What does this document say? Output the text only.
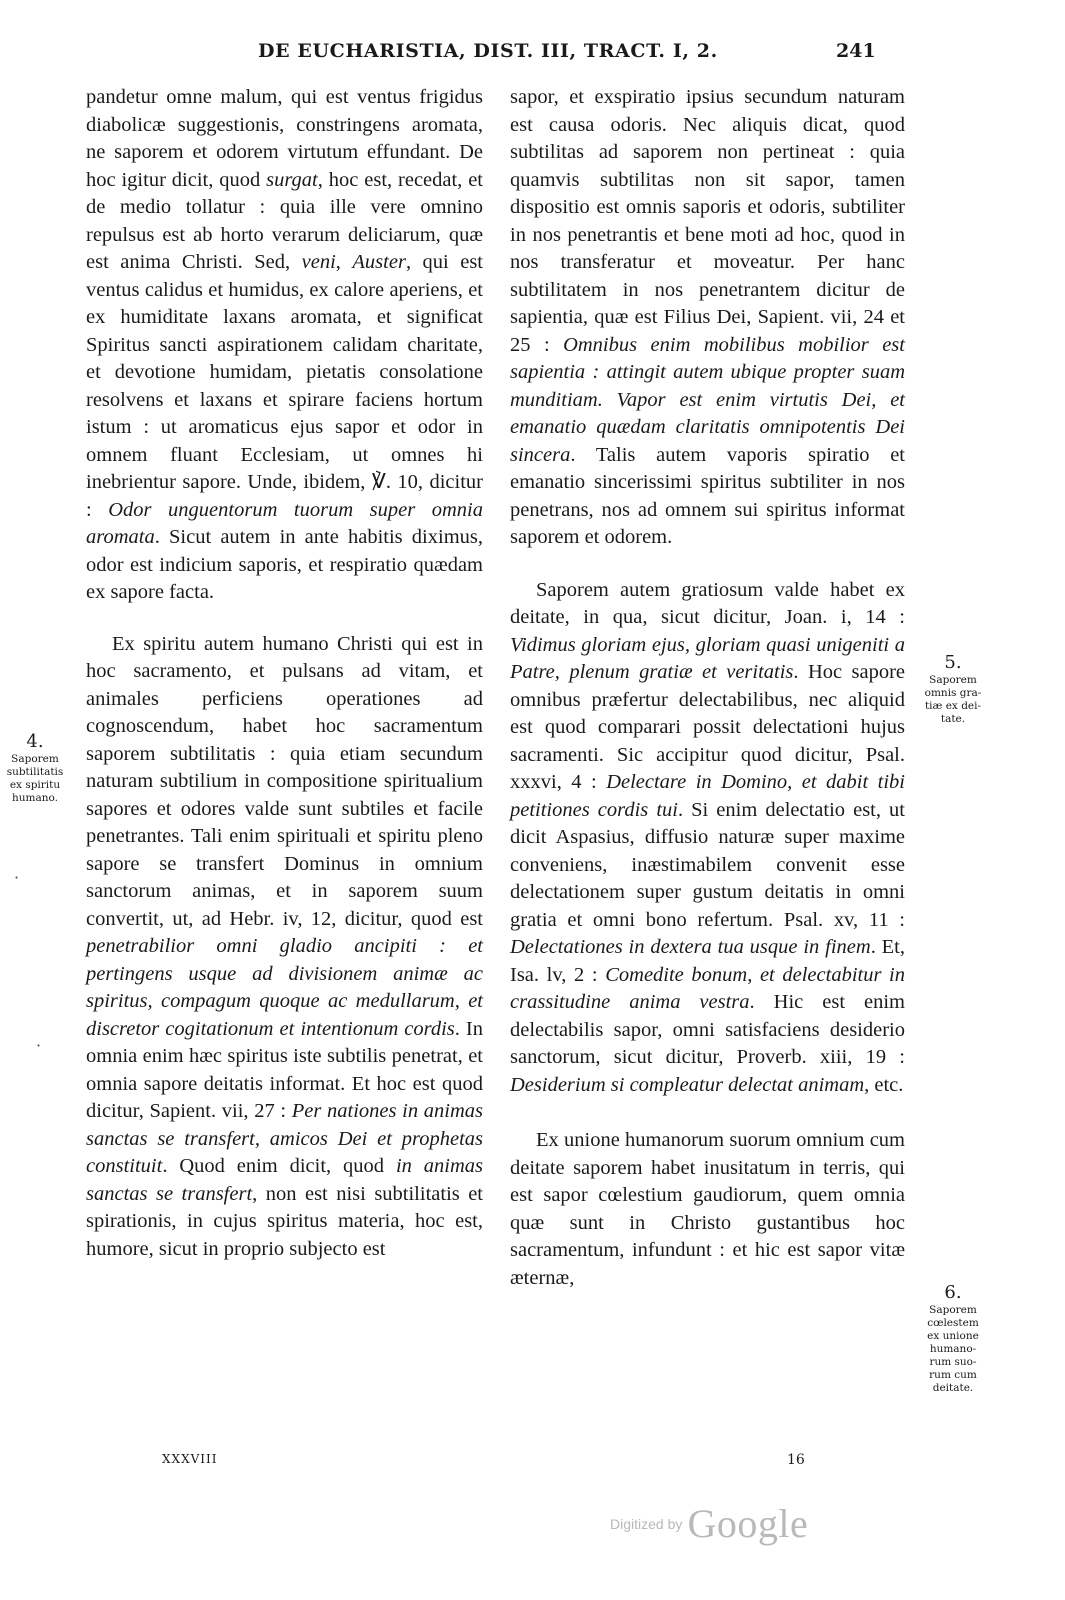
DE EUCHARISTIA, DIST. III, TRACT. I, 2.	241

pandetur omne malum, qui est ventus frigidus diabolicæ suggestionis, constringens aromata, ne saporem et odorem virtutum effundant. De hoc igitur dicit, quod surgat, hoc est, recedat, et de medio tollatur : quia ille vere omnino repulsus est ab horto verarum deliciarum, quæ est anima Christi. Sed, veni, Auster, qui est ventus calidus et humidus, ex calore aperiens, et ex humiditate laxans aromata, et significat Spiritus sancti aspirationem calidam charitate, et devotione humidam, pietatis consolatione resolvens et laxans et spirare faciens hortum istum : ut aromaticus ejus sapor et odor in omnem fluant Ecclesiam, ut omnes hi inebrientur sapore. Unde, ibidem, ℣. 10, dicitur : Odor unguentorum tuorum super omnia aromata. Sicut autem in ante habitis diximus, odor est indicium saporis, et respiratio quædam ex sapore facta.

Ex spiritu autem humano Christi qui est in hoc sacramento, et pulsans ad vitam, et animales perficiens operationes ad cognoscendum, habet hoc sacramentum saporem subtilitatis : quia etiam secundum naturam subtilium in compositione spiritualium sapores et odores valde sunt subtiles et facile penetrantes. Tali enim spirituali et spiritu pleno sapore se transfert Dominus in omnium sanctorum animas, et in saporem suum convertit, ut, ad Hebr. iv, 12, dicitur, quod est penetrabilior omni gladio ancipiti : et pertingens usque ad divisionem animæ ac spiritus, compagum quoque ac medullarum, et discretor cogitationum et intentionum cordis. In omnia enim hæc spiritus iste subtilis penetrat, et omnia sapore deitatis informat. Et hoc est quod dicitur, Sapient. vii, 27 : Per nationes in animas sanctas se transfert, amicos Dei et prophetas constituit. Quod enim dicit, quod in animas sanctas se transfert, non est nisi subtilitatis et spirationis, in cujus spiritus materia, hoc est, humore, sicut in proprio subjecto est

sapor, et exspiratio ipsius secundum naturam est causa odoris. Nec aliquis dicat, quod subtilitas ad saporem non pertineat : quia quamvis subtilitas non sit sapor, tamen dispositio est omnis saporis et odoris, subtiliter in nos penetrantis et bene moti ad hoc, quod in nos transferatur et moveatur. Per hanc subtilitatem in nos penetrantem dicitur de sapientia, quæ est Filius Dei, Sapient. vii, 24 et 25 : Omnibus enim mobilibus mobilior est sapientia : attingit autem ubique propter suam munditiam. Vapor est enim virtutis Dei, et emanatio quædam claritatis omnipotentis Dei sincera. Talis autem vaporis spiratio et emanatio sincerissimi spiritus subtiliter in nos penetrans, nos ad omnem sui spiritus informat saporem et odorem.

Saporem autem gratiosum valde habet ex deitate, in qua, sicut dicitur, Joan. i, 14 : Vidimus gloriam ejus, gloriam quasi unigeniti a Patre, plenum gratiæ et veritatis. Hoc sapore omnibus præfertur delectabilibus, nec aliquid est quod comparari possit delectationi hujus sacramenti. Sic accipitur quod dicitur, Psal. xxxvi, 4 : Delectare in Domino, et dabit tibi petitiones cordis tui. Si enim delectatio est, ut dicit Aspasius, diffusio naturæ super maxime conveniens, inæstimabilem convenit esse delectationem super gustum deitatis in omni gratia et omni bono refertum. Psal. xv, 11 : Delectationes in dextera tua usque in finem. Et, Isa. lv, 2 : Comedite bonum, et delectabitur in crassitudine anima vestra. Hic est enim delectabilis sapor, omni satisfaciens desiderio sanctorum, sicut dicitur, Proverb. xiii, 19 : Desiderium si compleatur delectat animam, etc.

Ex unione humanorum suorum omnium cum deitate saporem habet inusitatum in terris, qui est sapor cœlestium gaudiorum, quem omnia quæ sunt in Christo gustantibus hoc sacramentum, infundunt : et hic est sapor vitæ æternæ,

4.
Saporem
subtilitatis
ex spiritu
humano.
5.
Saporem
omnis gra-
tiæ ex dei-
tate.
6.
Saporem
cœlestem
ex unione
humano-
rum suo-
rum cum
deitate.
·
·
XXXVIII	16
Digitized by Google
